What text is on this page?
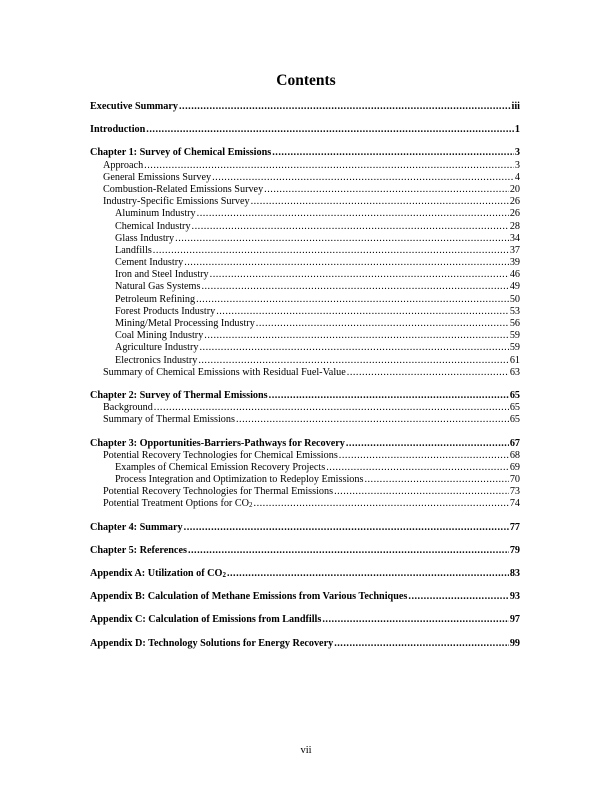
Contents
Executive Summary .....	iii
Introduction .....	1
Chapter 1: Survey of Chemical Emissions .....	3
Approach .....	3
General Emissions Survey .....	4
Combustion-Related Emissions Survey .....	20
Industry-Specific Emissions Survey .....	26
Aluminum Industry .....	26
Chemical Industry .....	28
Glass Industry .....	34
Landfills .....	37
Cement Industry .....	39
Iron and Steel Industry .....	46
Natural Gas Systems .....	49
Petroleum Refining .....	50
Forest Products Industry .....	53
Mining/Metal Processing Industry .....	56
Coal Mining Industry .....	59
Agriculture Industry .....	59
Electronics Industry .....	61
Summary of Chemical Emissions with Residual Fuel-Value .....	63
Chapter 2: Survey of Thermal Emissions .....	65
Background .....	65
Summary of Thermal Emissions .....	65
Chapter 3: Opportunities-Barriers-Pathways for Recovery .....	67
Potential Recovery Technologies for Chemical Emissions .....	68
Examples of Chemical Emission Recovery Projects .....	69
Process Integration and Optimization to Redeploy Emissions .....	70
Potential Recovery Technologies for Thermal Emissions .....	73
Potential Treatment Options for $CO_2$ .....	74
Chapter 4: Summary .....	77
Chapter 5: References .....	79
Appendix A: Utilization of $CO_2$ .....	83
Appendix B: Calculation of Methane Emissions from Various Techniques .....	93
Appendix C: Calculation of Emissions from Landfills .....	97
Appendix D: Technology Solutions for Energy Recovery .....	99
vii
